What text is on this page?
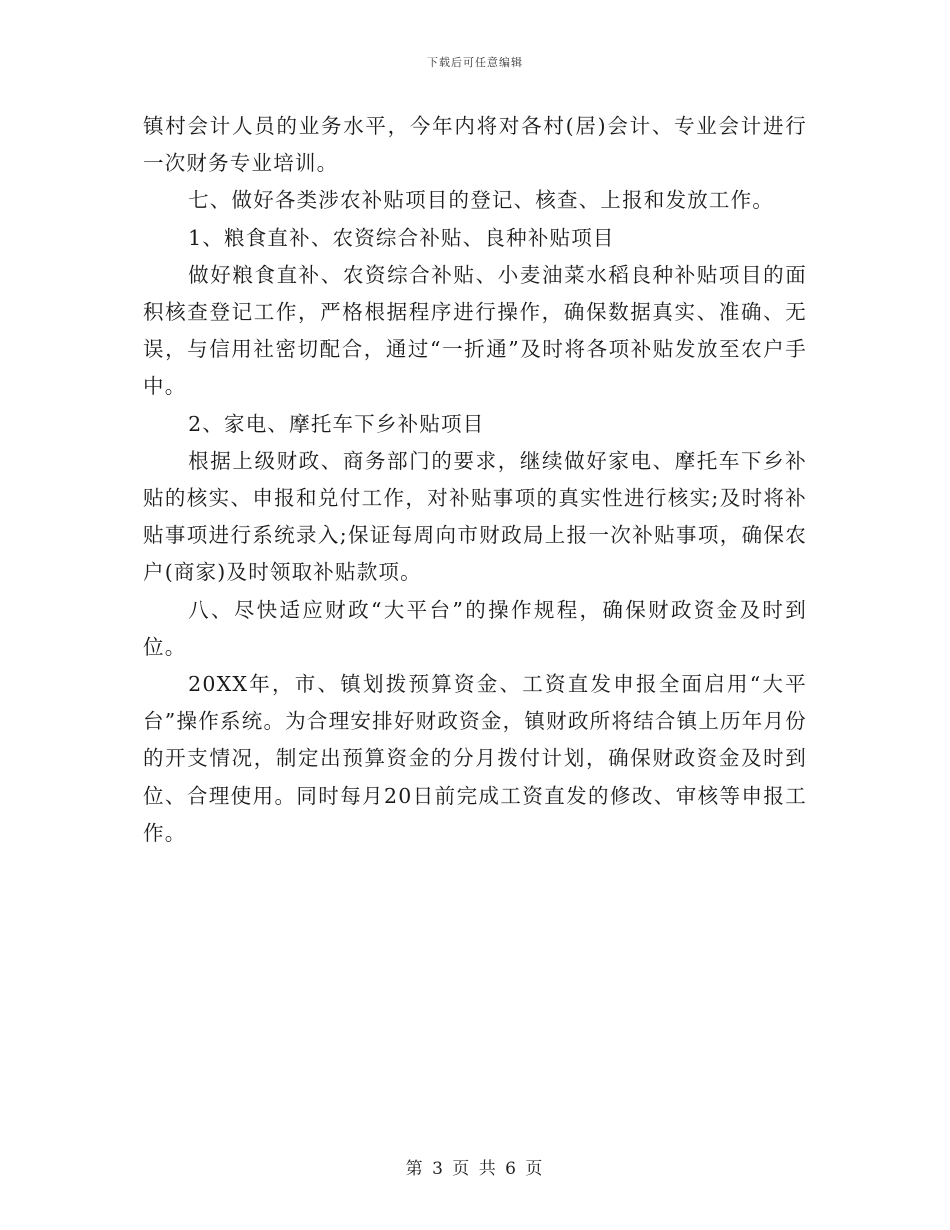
下载后可任意编辑

镇村会计人员的业务水平，今年内将对各村(居)会计、专业会计进行一次财务专业培训。

七、做好各类涉农补贴项目的登记、核查、上报和发放工作。

1、粮食直补、农资综合补贴、良种补贴项目

做好粮食直补、农资综合补贴、小麦油菜水稻良种补贴项目的面积核查登记工作，严格根据程序进行操作，确保数据真实、准确、无误，与信用社密切配合，通过“一折通”及时将各项补贴发放至农户手中。

2、家电、摩托车下乡补贴项目

根据上级财政、商务部门的要求，继续做好家电、摩托车下乡补贴的核实、申报和兑付工作，对补贴事项的真实性进行核实;及时将补贴事项进行系统录入;保证每周向市财政局上报一次补贴事项，确保农户(商家)及时领取补贴款项。

八、尽快适应财政“大平台”的操作规程，确保财政资金及时到位。

20XX年，市、镇划拨预算资金、工资直发申报全面启用“大平台”操作系统。为合理安排好财政资金，镇财政所将结合镇上历年月份的开支情况，制定出预算资金的分月拨付计划，确保财政资金及时到位、合理使用。同时每月20日前完成工资直发的修改、审核等申报工作。

第 3 页 共 6 页
